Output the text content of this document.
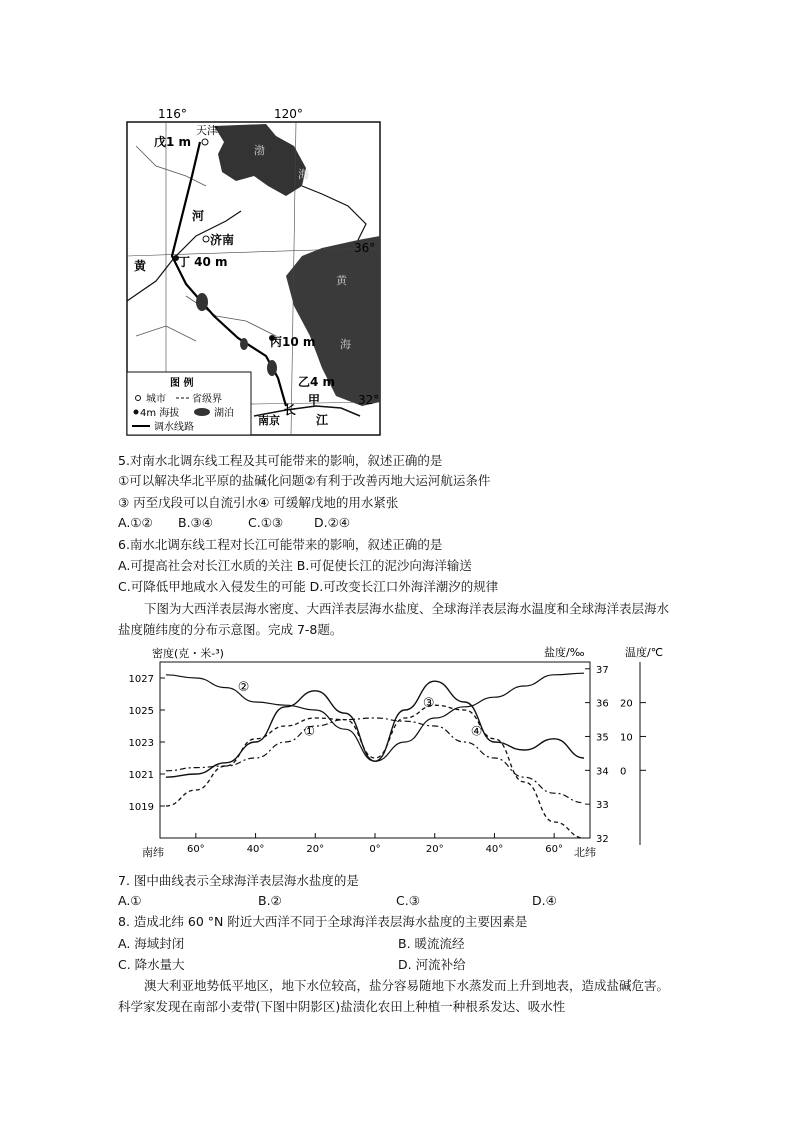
116°	120°
36°
32°
天津
戊1 m
渤
海
河
济南
黄	丁 40 m
黄
海
丙10 m
乙4 m
甲
长
江
南京
图 例
城市	省级界
4m 海拔	湖泊
调水线路
5.对南水北调东线工程及其可能带来的影响，叙述正确的是
①可以解决华北平原的盐碱化问题②有利于改善丙地大运河航运条件
③ 丙至戊段可以自流引水④ 可缓解戊地的用水紧张
A.①② B.③④	C.①③ D.②④
6.南水北调东线工程对长江可能带来的影响，叙述正确的是
A.可提高社会对长江水质的关注 B.可促使长江的泥沙向海洋输送
C.可降低甲地咸水入侵发生的可能 D.可改变长江口外海洋潮汐的规律
下图为大西洋表层海水密度、大西洋表层海水盐度、全球海洋表层海水温度和全球海洋表层海水盐度随纬度的分布示意图。完成 7-8题。
密度(克・米-³)	盐度/‰	温度/℃
1027
1025
1023
1021
1019
37
36
35
34
33
32
20
10
0
60°	40°	20°	0°	20°	40°	60°
南纬	北纬
①
②
③
④
7. 图中曲线表示全球海洋表层海水盐度的是
A.①	B.②	C.③	D.④
8. 造成北纬 60 °N 附近大西洋不同于全球海洋表层海水盐度的主要因素是
A. 海域封闭	B. 暖流流经
C. 降水量大	D. 河流补给
澳大利亚地势低平地区，地下水位较高，盐分容易随地下水蒸发而上升到地表，造成盐碱危害。科学家发现在南部小麦带(下图中阴影区)盐渍化农田上种植一种根系发达、吸水性
